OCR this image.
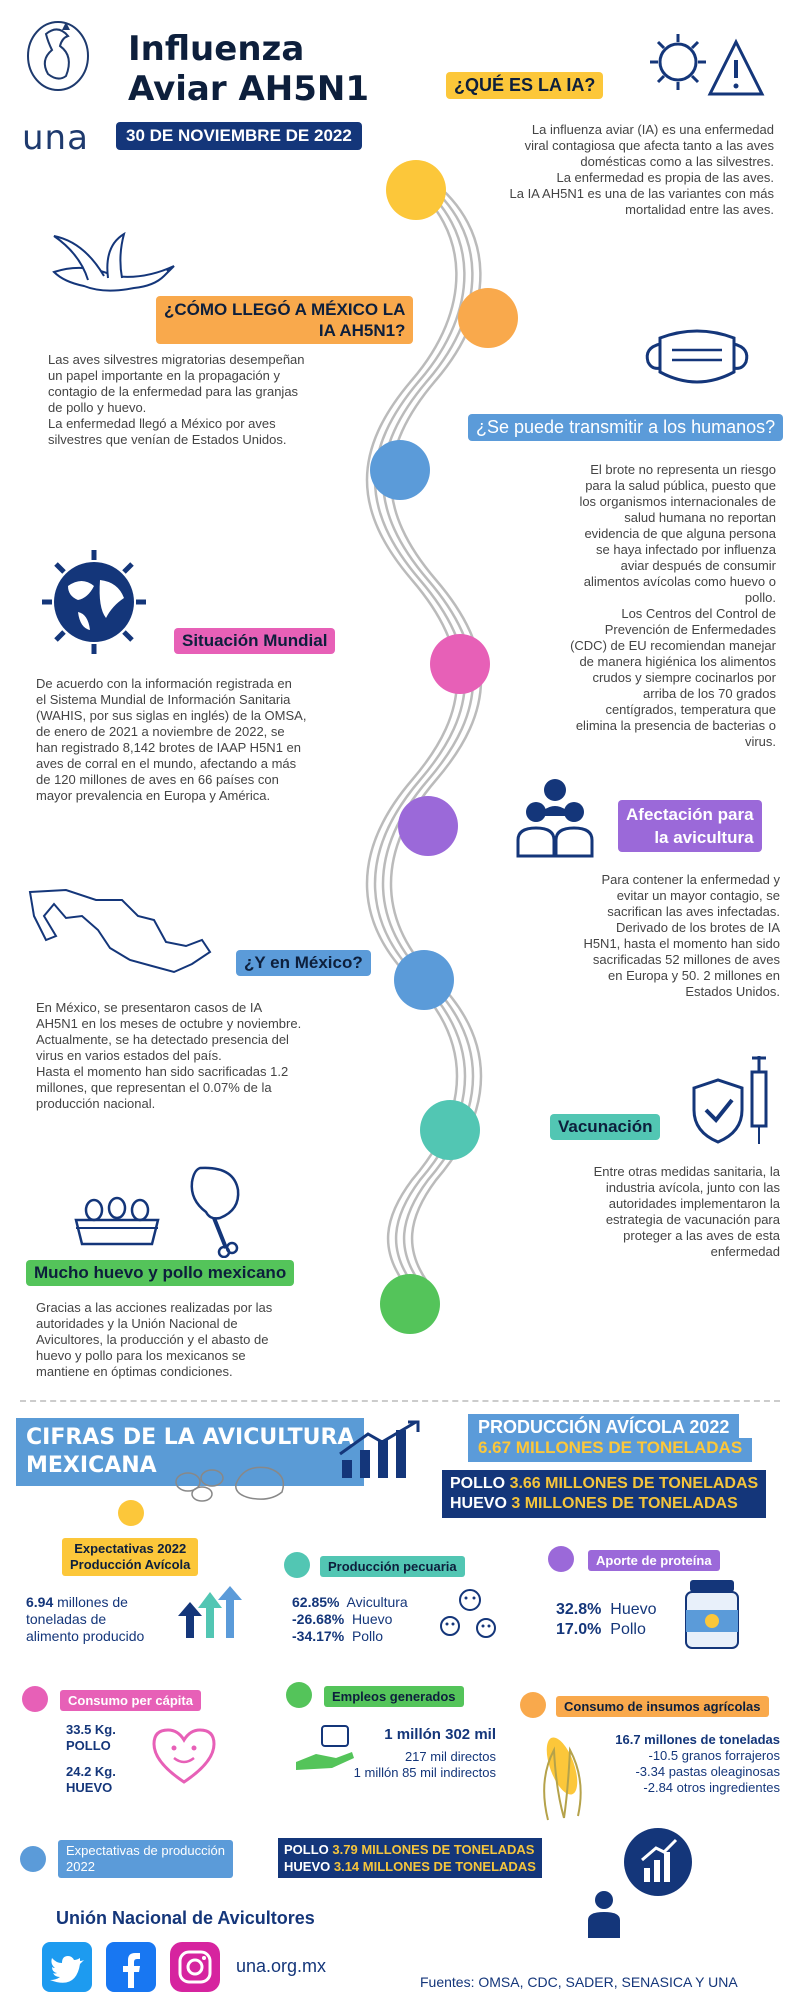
una
Influenza
Aviar AH5N1
30 DE NOVIEMBRE DE 2022
¿QUÉ ES LA IA?
La influenza aviar (IA) es una enfermedad
viral contagiosa que afecta tanto a las aves
domésticas como a las silvestres.
La enfermedad es propia de las aves.
La IA AH5N1 es una de las variantes con más
mortalidad entre las aves.
¿CÓMO LLEGÓ A MÉXICO LA
IA AH5N1?
Las aves silvestres migratorias desempeñan
un papel importante en la propagación y
contagio de la enfermedad para las granjas
de pollo y huevo.
La enfermedad llegó a México por aves
silvestres que venían de Estados Unidos.
¿Se puede transmitir a los humanos?
El brote no representa un riesgo
para la salud pública, puesto que
los organismos internacionales de
salud humana no reportan
evidencia de que alguna persona
se haya infectado por influenza
aviar después de consumir
alimentos avícolas como huevo o
pollo.
Los Centros del Control de
Prevención de Enfermedades
(CDC) de EU recomiendan manejar
de manera higiénica los alimentos
crudos y siempre cocinarlos por
arriba de los 70 grados
centígrados, temperatura que
elimina la presencia de bacterias o
virus.
Situación Mundial
De acuerdo con la información registrada en
el Sistema Mundial de Información Sanitaria
(WAHIS, por sus siglas en inglés) de la OMSA,
de enero de 2021 a noviembre de 2022, se
han registrado 8,142 brotes de IAAP H5N1 en
aves de corral en el mundo, afectando a más
de 120 millones de aves en 66 países con
mayor prevalencia en Europa y América.
Afectación para
la avicultura
Para contener la enfermedad y
evitar un mayor contagio, se
sacrifican las aves infectadas.
Derivado de los brotes de IA
H5N1, hasta el momento han sido
sacrificadas 52 millones de aves
en Europa y 50. 2 millones en
Estados Unidos.
¿Y en México?
En México, se presentaron casos de IA
AH5N1 en los meses de octubre y noviembre.
Actualmente, se ha detectado presencia del
virus en varios estados del país.
Hasta el momento han sido sacrificadas 1.2
millones, que representan el 0.07% de la
producción nacional.
Vacunación
Entre otras medidas sanitaria, la
industria avícola, junto con las
autoridades implementaron la
estrategia de vacunación para
proteger a las aves de esta
enfermedad
Mucho huevo y pollo mexicano
Gracias a las acciones realizadas por las
autoridades y la Unión Nacional de
Avicultores, la producción y el abasto de
huevo y pollo para los mexicanos se
mantiene en óptimas condiciones.
CIFRAS DE LA AVICULTURA
MEXICANA
PRODUCCIÓN AVÍCOLA 2022
6.67 MILLONES DE TONELADAS
POLLO 3.66 MILLONES DE TONELADAS
HUEVO 3 MILLONES DE TONELADAS
Expectativas 2022
Producción Avícola
6.94 millones de
toneladas de
alimento producido
Producción pecuaria
62.85% Avicultura
-26.68% Huevo
-34.17% Pollo
Aporte de proteína
32.8% Huevo
17.0% Pollo
Consumo per cápita
33.5 Kg.
POLLO
24.2 Kg.
HUEVO
Empleos generados
1 millón 302 mil
217 mil directos
1 millón 85 mil indirectos
Consumo de insumos agrícolas
16.7 millones de toneladas
-10.5 granos forrajeros
-3.34 pastas oleaginosas
-2.84 otros ingredientes
Expectativas de producción
2022
POLLO 3.79 MILLONES DE TONELADAS
HUEVO 3.14 MILLONES DE TONELADAS
Unión Nacional de Avicultores
una.org.mx
Fuentes: OMSA, CDC, SADER, SENASICA Y UNA
